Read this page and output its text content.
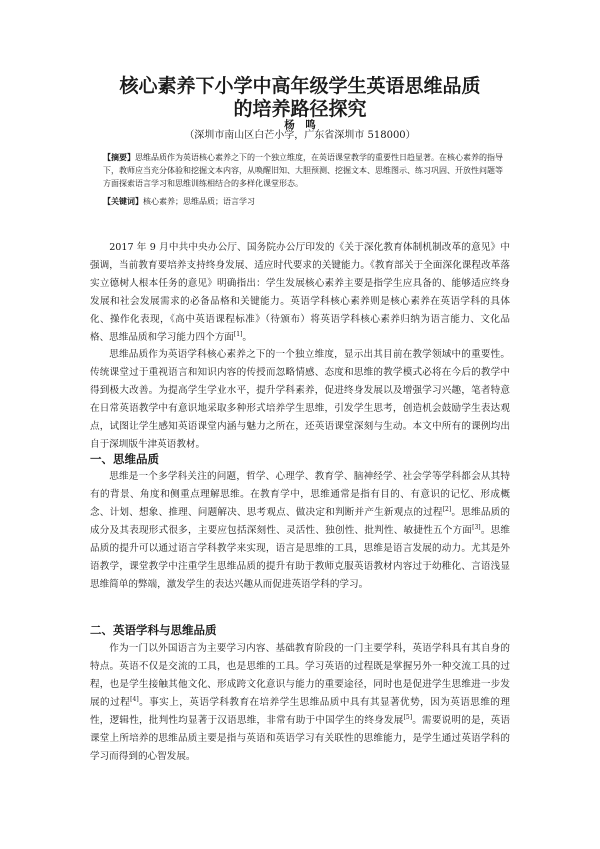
核心素养下小学中高年级学生英语思维品质
的培养路径探究
杨　鸣
（深圳市南山区白芒小学，广东省深圳市 518000）
【摘要】思维品质作为英语核心素养之下的一个独立维度，在英语课堂教学的重要性日趋显著。在核心素养的指导下，教师应当充分体验和挖掘文本内容，从唤醒旧知、大胆预测、挖掘文本、思维图示、练习巩固、开放性问题等方面探索语言学习和思维训练相结合的多样化课堂形态。
【关键词】核心素养；思维品质；语言学习

2017 年 9 月中共中央办公厅、国务院办公厅印发的《关于深化教育体制机制改革的意见》中强调，当前教育要培养支持终身发展、适应时代要求的关键能力。《教育部关于全面深化课程改革落实立德树人根本任务的意见》明确指出：学生发展核心素养主要是指学生应具备的、能够适应终身发展和社会发展需求的必备品格和关键能力。英语学科核心素养则是核心素养在英语学科的具体化、操作化表现，《高中英语课程标准》（待颁布）将英语学科核心素养归纳为语言能力、文化品格、思维品质和学习能力四个方面[1]。

思维品质作为英语学科核心素养之下的一个独立维度，显示出其目前在教学领域中的重要性。传统课堂过于重视语言和知识内容的传授而忽略情感、态度和思维的教学模式必将在今后的教学中得到极大改善。为提高学生学业水平，提升学科素养，促进终身发展以及增强学习兴趣，笔者特意在日常英语教学中有意识地采取多种形式培养学生思维，引发学生思考，创造机会鼓励学生表达观点，试图让学生感知英语课堂内涵与魅力之所在，还英语课堂深刻与生动。本文中所有的课例均出自于深圳版牛津英语教材。

一、思维品质

思维是一个多学科关注的问题，哲学、心理学、教育学、脑神经学、社会学等学科都会从其特有的背景、角度和侧重点理解思维。在教育学中，思维通常是指有目的、有意识的记忆、形成概念、计划、想象、推理、问题解决、思考观点、做决定和判断并产生新观点的过程[2]。思维品质的成分及其表现形式很多，主要应包括深刻性、灵活性、独创性、批判性、敏捷性五个方面[3]。思维品质的提升可以通过语言学科教学来实现，语言是思维的工具，思维是语言发展的动力。尤其是外语教学，课堂教学中注重学生思维品质的提升有助于教师克服英语教材内容过于幼稚化、言语浅显思维简单的弊端，激发学生的表达兴趣从而促进英语学科的学习。

二、英语学科与思维品质

作为一门以外国语言为主要学习内容、基础教育阶段的一门主要学科，英语学科具有其自身的特点。英语不仅是交流的工具，也是思维的工具。学习英语的过程既是掌握另外一种交流工具的过程，也是学生接触其他文化、形成跨文化意识与能力的重要途径，同时也是促进学生思维进一步发展的过程[4]。事实上，英语学科教育在培养学生思维品质中具有其显著优势，因为英语思维的理性，逻辑性，批判性均显著于汉语思维，非常有助于中国学生的终身发展[5]。需要说明的是，英语课堂上所培养的思维品质主要是指与英语和英语学习有关联性的思维能力，是学生通过英语学科的学习而得到的心智发展。
